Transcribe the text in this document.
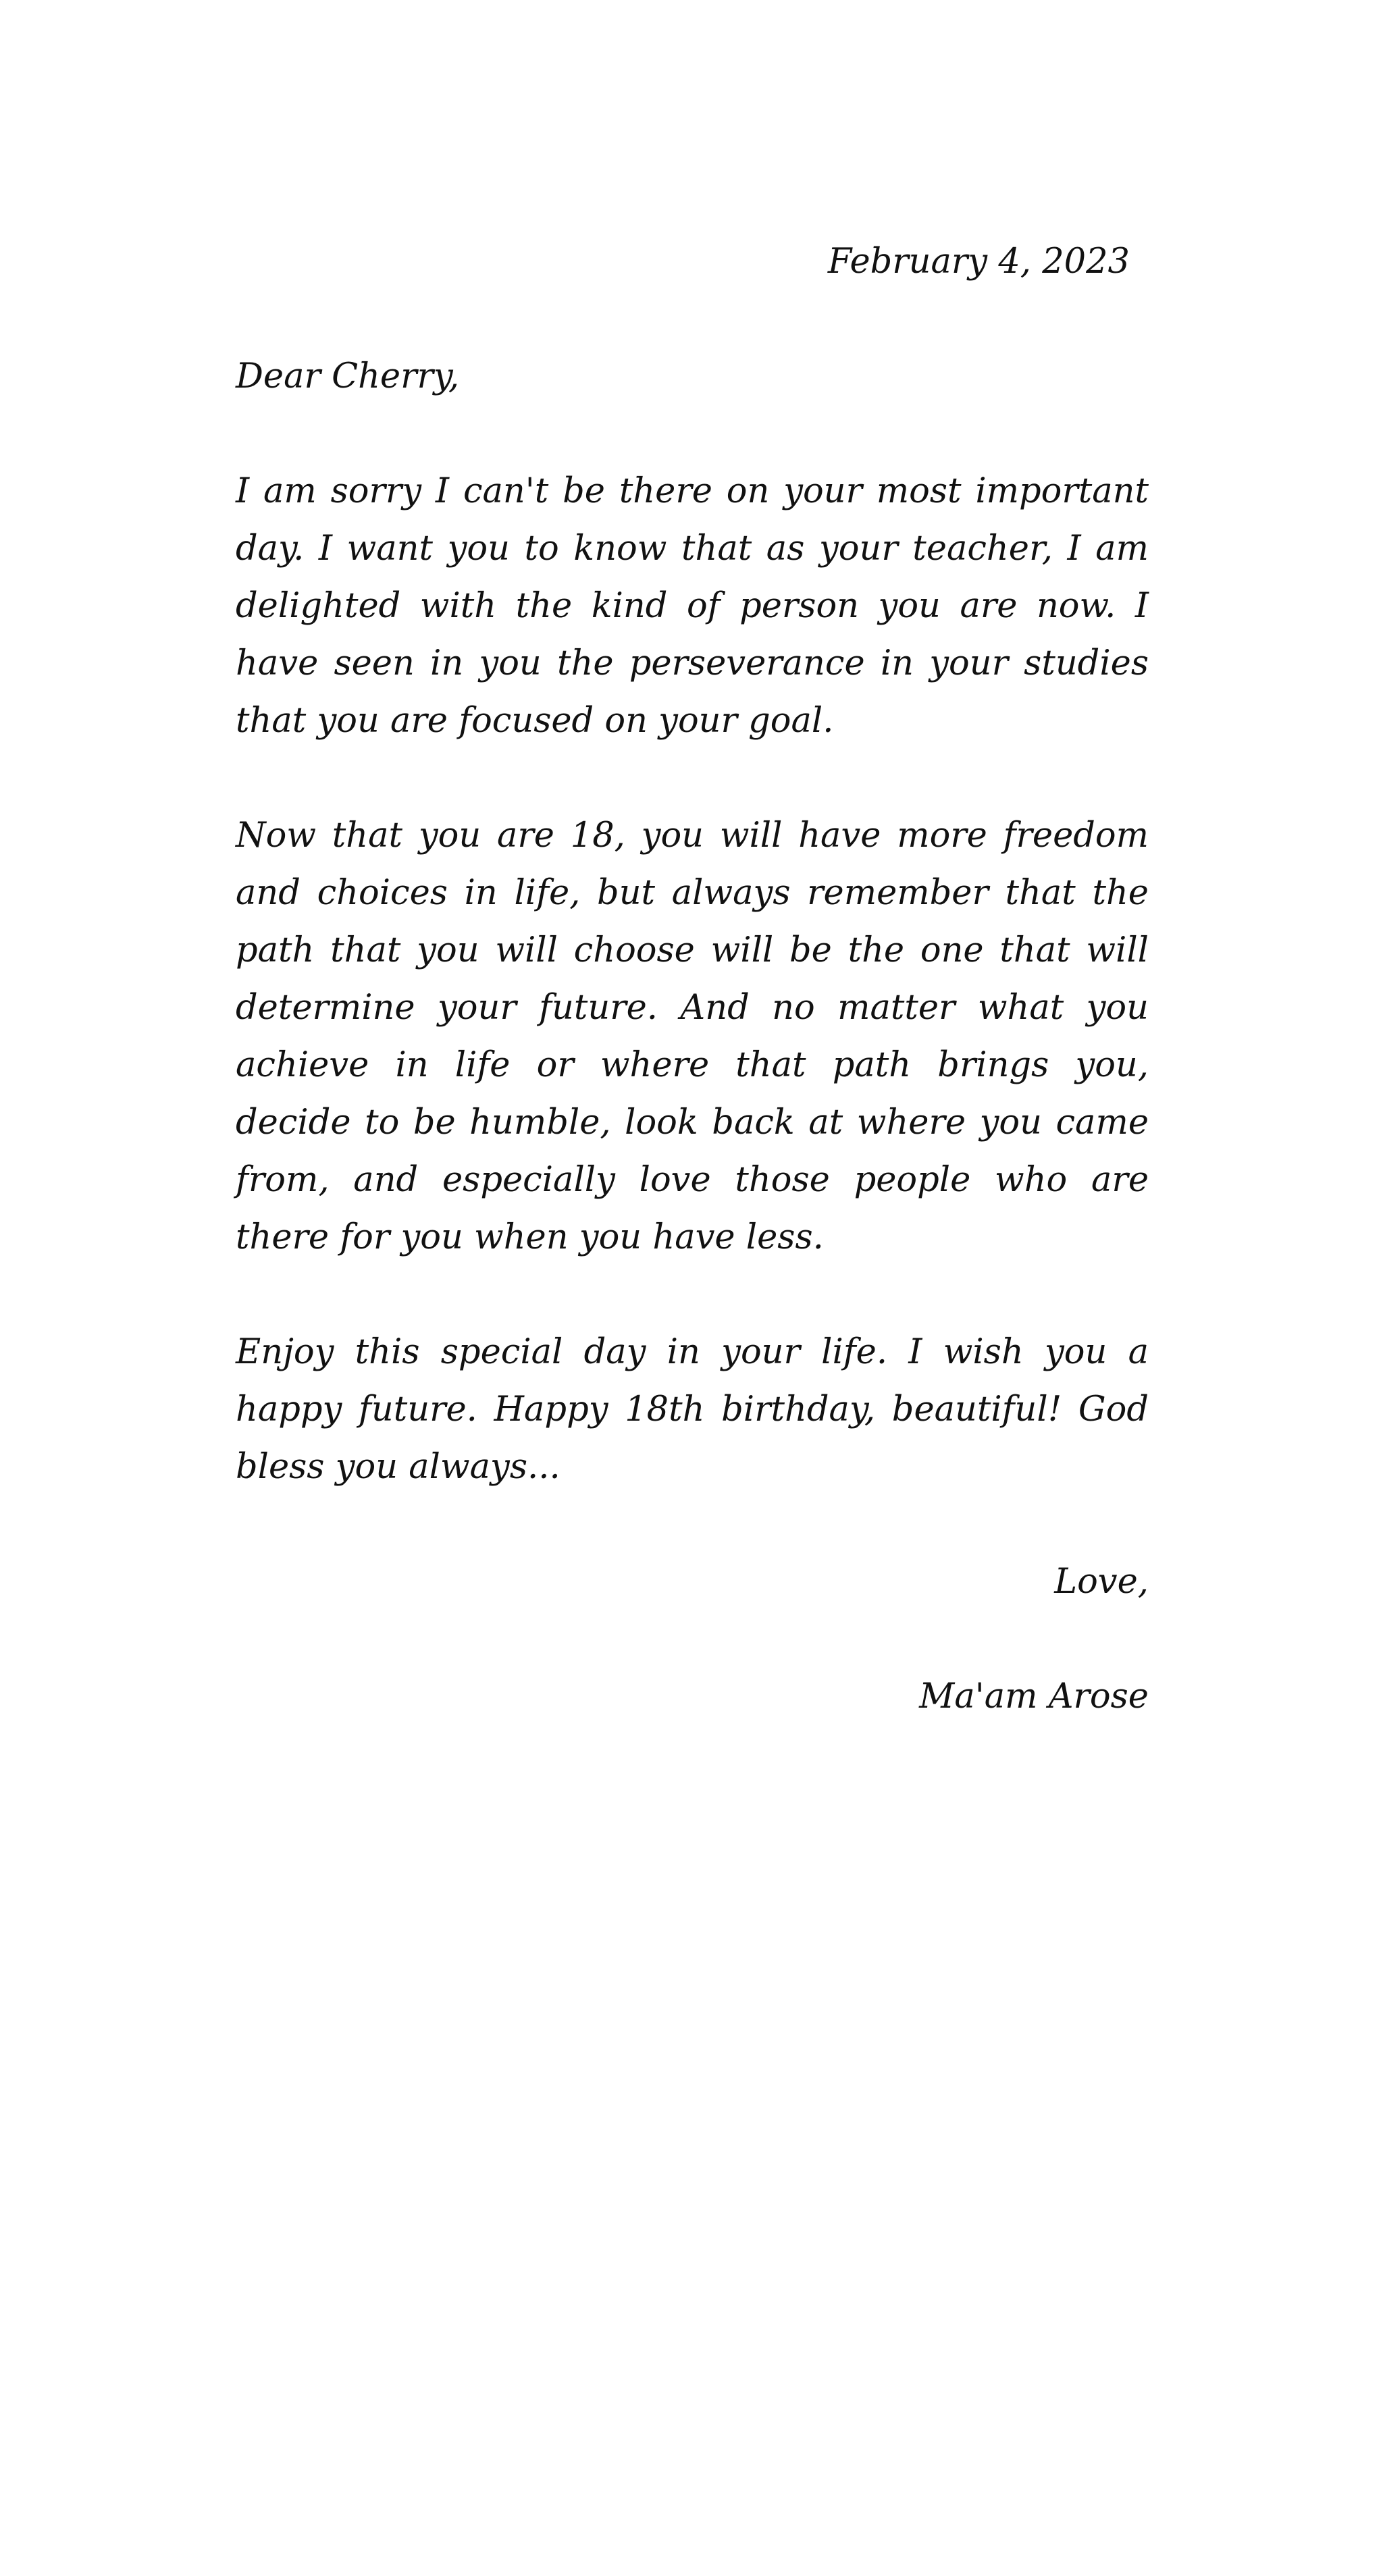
February 4, 2023

Dear Cherry,

I am sorry I can't be there on your most important day. I want you to know that as your teacher, I am delighted with the kind of person you are now. I have seen in you the perseverance in your studies that you are focused on your goal.

Now that you are 18, you will have more freedom and choices in life, but always remember that the path that you will choose will be the one that will determine your future. And no matter what you achieve in life or where that path brings you, decide to be humble, look back at where you came from, and especially love those people who are there for you when you have less.

Enjoy this special day in your life. I wish you a happy future. Happy 18th birthday, beautiful! God bless you always...

Love,

Ma'am Arose
